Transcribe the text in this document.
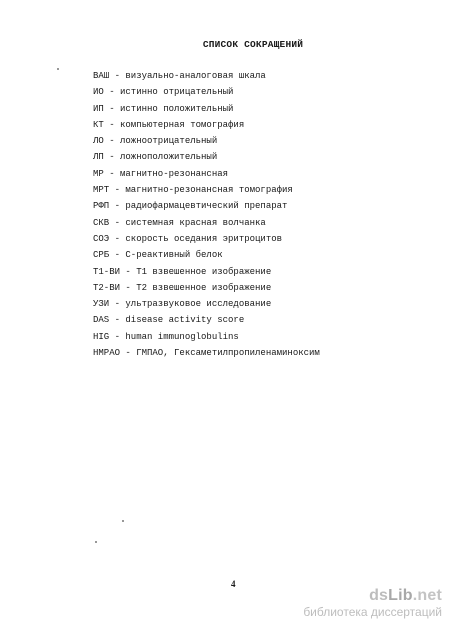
СПИСОК СОКРАЩЕНИЙ
ВАШ - визуально-аналоговая шкала
ИО - истинно отрицательный
ИП - истинно положительный
КТ - компьютерная томография
ЛО - ложноотрицательный
ЛП - ложноположительный
МР - магнитно-резонансная
МРТ - магнитно-резонансная томография
РФП - радиофармацевтический препарат
СКВ - системная красная волчанка
СОЭ - скорость оседания эритроцитов
СРБ - С-реактивный белок
Т1-ВИ - Т1 взвешенное изображение
Т2-ВИ - Т2 взвешенное изображение
УЗИ - ультразвуковое исследование
DAS - disease activity score
HIG - human immunoglobulins
НМРАО - ГМПАО, Гексаметилпропиленаминоксим
4
dsLib.net
библиотека диссертаций
